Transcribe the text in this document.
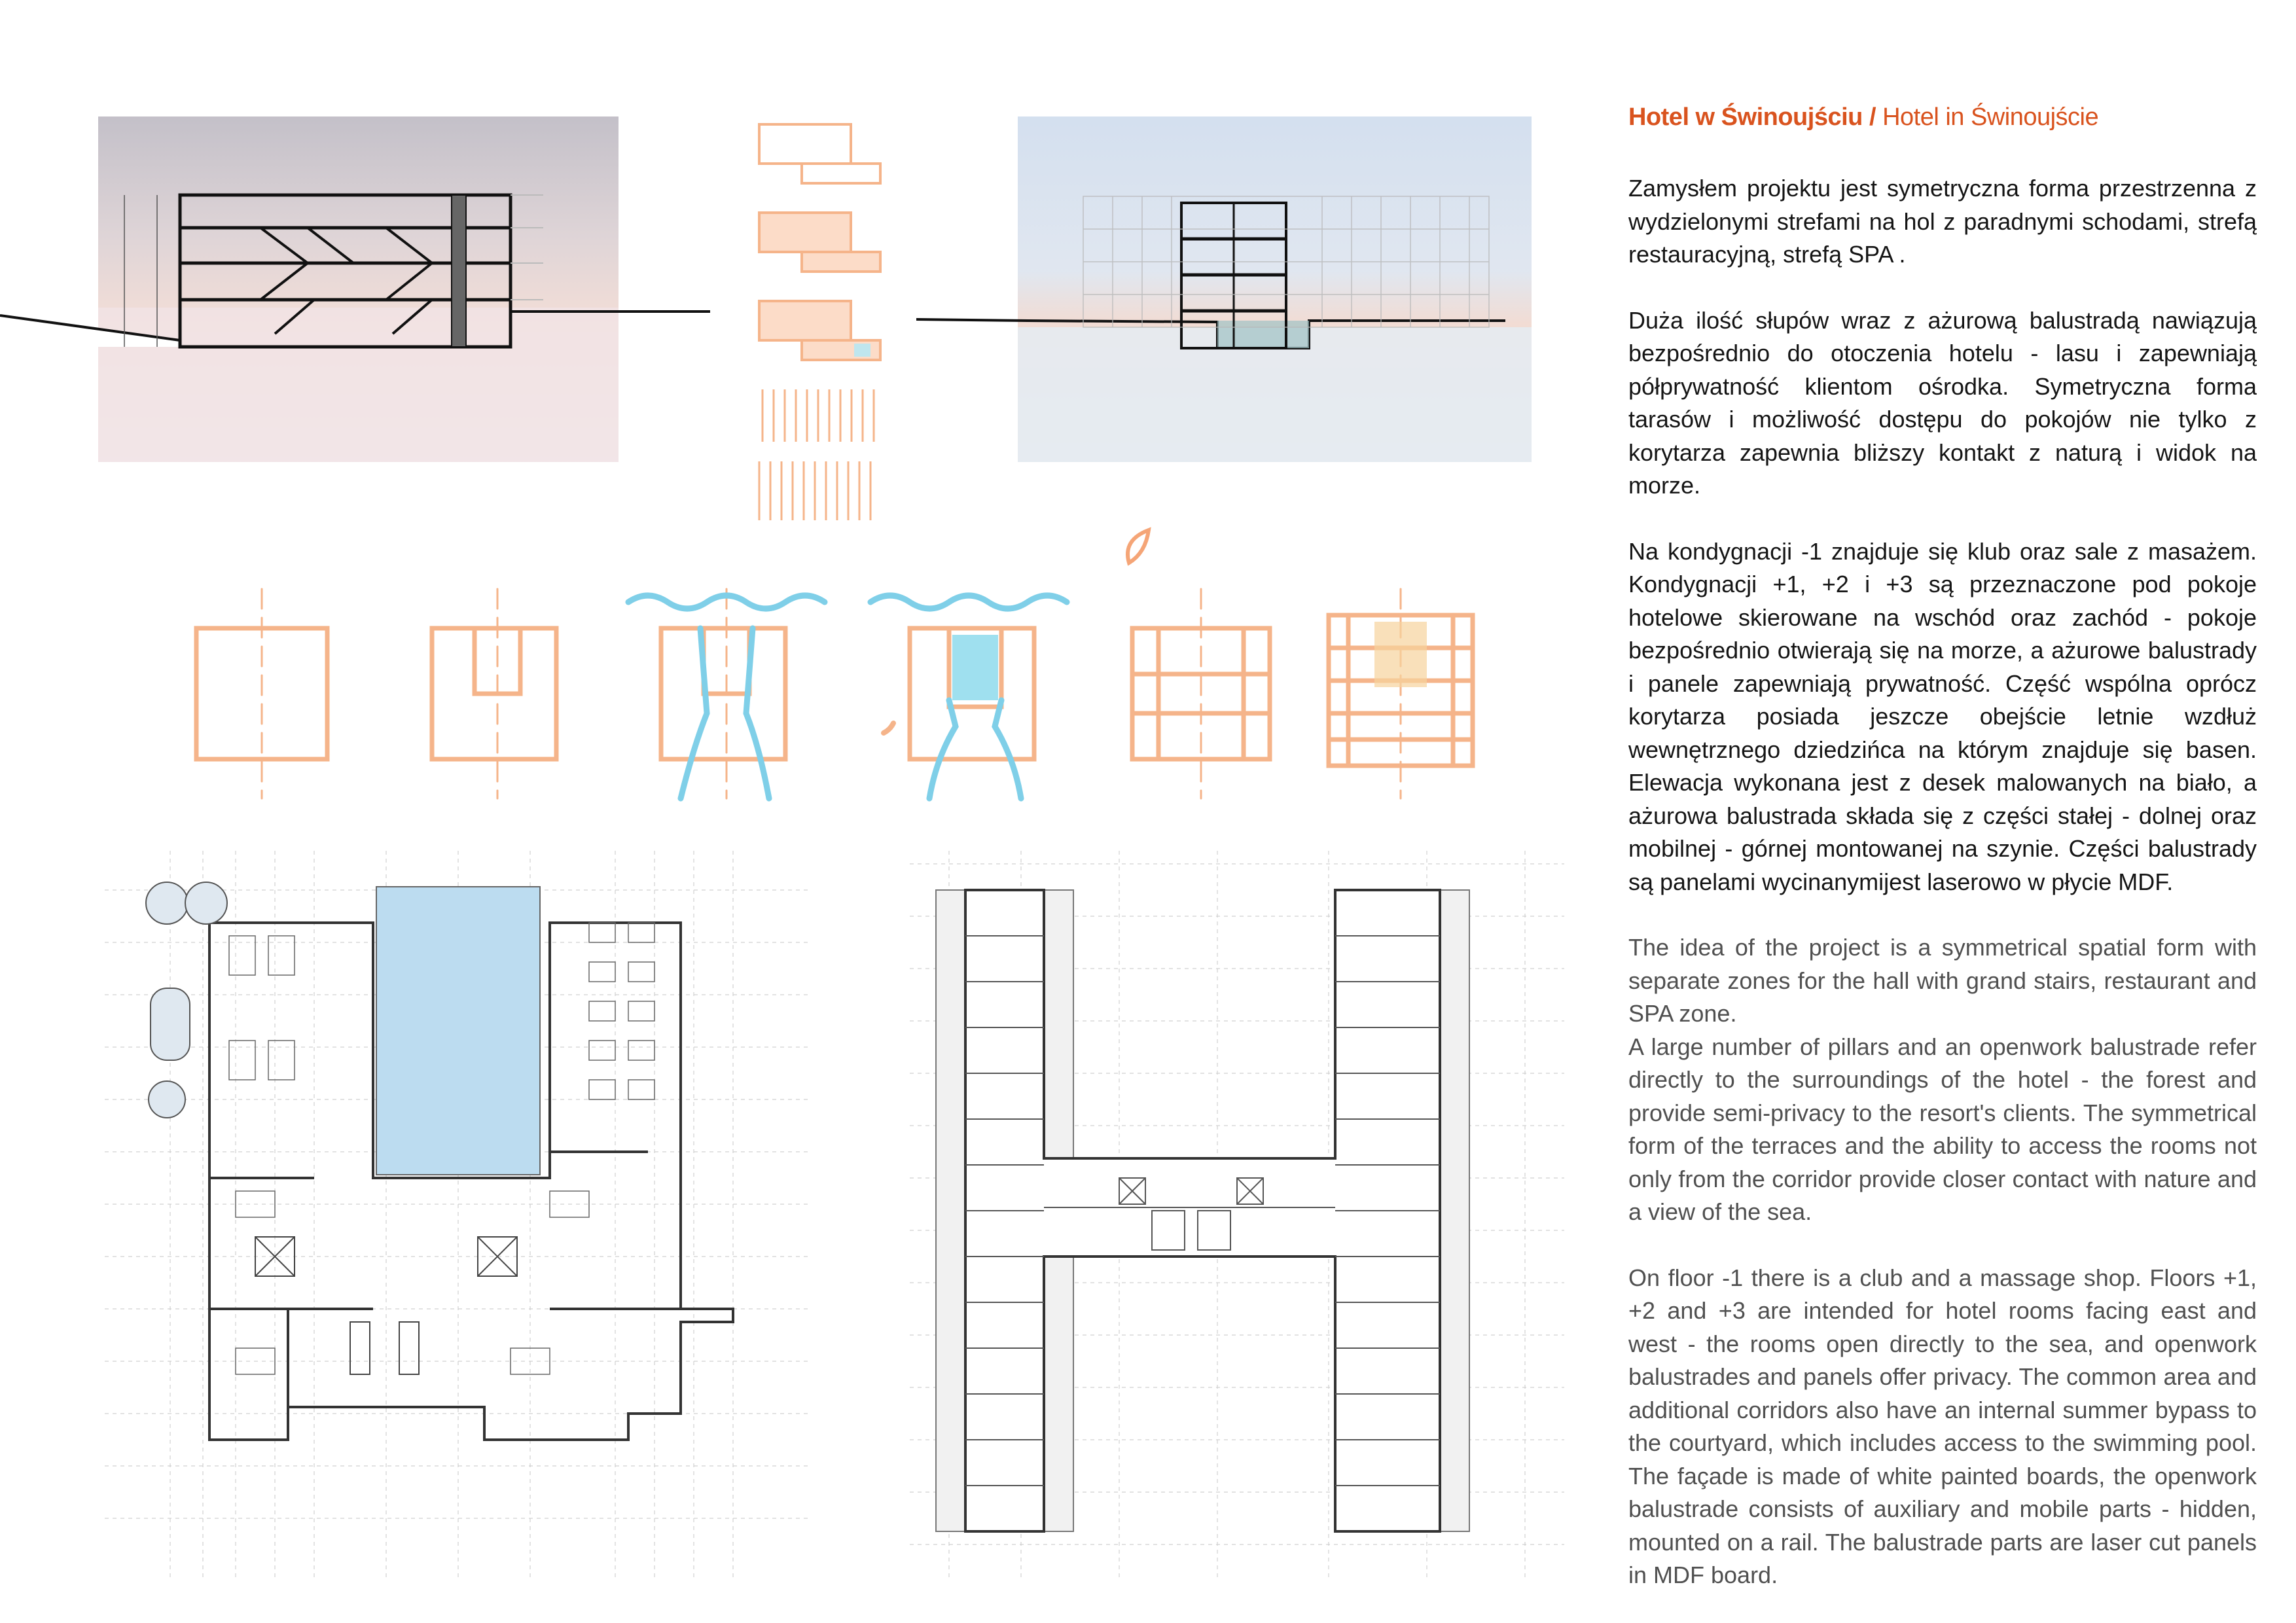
Hotel w Świnoujściu / Hotel in Świnoujście

Zamysłem projektu jest symetryczna forma przestrzenna z wydzielonymi strefami na hol z paradnymi schodami, strefą restauracyjną, strefą SPA .

Duża ilość słupów wraz z ażurową balustradą nawiązują bezpośrednio do otoczenia hotelu - lasu i zapewniają półprywatność klientom ośrodka. Symetryczna forma tarasów i możliwość dostępu do pokojów nie tylko z korytarza zapewnia bliższy kontakt z naturą i widok na morze.

Na kondygnacji -1 znajduje się klub oraz sale z masażem. Kondygnacji +1, +2 i +3 są przeznaczone pod pokoje hotelowe skierowane na wschód oraz zachód - pokoje bezpośrednio otwierają się na morze, a ażurowe balustrady i panele zapewniają prywatność. Część wspólna oprócz korytarza posiada jeszcze obejście letnie wzdłuż wewnętrznego dziedzińca na którym znajduje się basen. Elewacja wykonana jest z desek malowanych na biało, a ażurowa balustrada składa się z części stałej - dolnej oraz mobilnej - górnej montowanej na szynie. Części balustrady są panelami wycinanymijest laserowo w płycie MDF.

The idea of the project is a symmetrical spatial form with separate zones for the hall with grand stairs, restaurant and SPA zone.

A large number of pillars and an openwork balustrade refer directly to the surroundings of the hotel - the forest and provide semi-privacy to the resort's clients. The symmetrical form of the terraces and the ability to access the rooms not only from the corridor provide closer contact with nature and a view of the sea.

On floor -1 there is a club and a massage shop. Floors +1, +2 and +3 are intended for hotel rooms facing east and west - the rooms open directly to the sea, and openwork balustrades and panels offer privacy. The common area and additional corridors also have an internal summer bypass to the courtyard, which includes access to the swimming pool. The façade is made of white painted boards, the openwork balustrade consists of auxiliary and mobile parts - hidden, mounted on a rail. The balustrade parts are laser cut panels in MDF board.
